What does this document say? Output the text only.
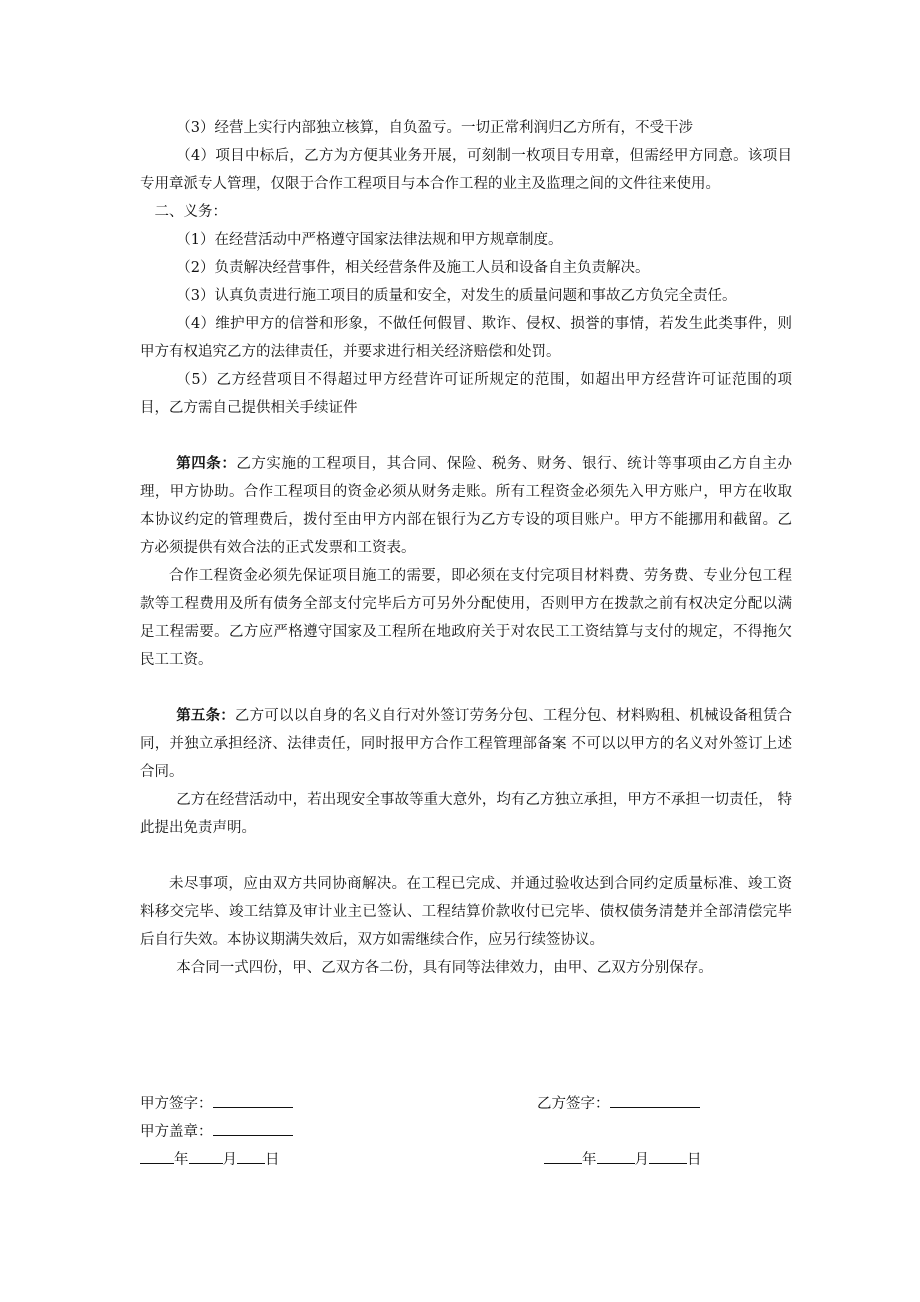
（3）经营上实行内部独立核算，自负盈亏。一切正常利润归乙方所有，不受干涉

（4）项目中标后，乙方为方便其业务开展，可刻制一枚项目专用章，但需经甲方同意。该项目专用章派专人管理，仅限于合作工程项目与本合作工程的业主及监理之间的文件往来使用。

二、义务：

（1）在经营活动中严格遵守国家法律法规和甲方规章制度。

（2）负责解决经营事件，相关经营条件及施工人员和设备自主负责解决。

（3）认真负责进行施工项目的质量和安全，对发生的质量问题和事故乙方负完全责任。

（4）维护甲方的信誉和形象，不做任何假冒、欺诈、侵权、损誉的事情，若发生此类事件，则甲方有权追究乙方的法律责任，并要求进行相关经济赔偿和处罚。

（5）乙方经营项目不得超过甲方经营许可证所规定的范围，如超出甲方经营许可证范围的项目，乙方需自己提供相关手续证件

第四条：乙方实施的工程项目，其合同、保险、税务、财务、银行、统计等事项由乙方自主办理，甲方协助。合作工程项目的资金必须从财务走账。所有工程资金必须先入甲方账户，甲方在收取本协议约定的管理费后，拨付至由甲方内部在银行为乙方专设的项目账户。甲方不能挪用和截留。乙方必须提供有效合法的正式发票和工资表。

合作工程资金必须先保证项目施工的需要，即必须在支付完项目材料费、劳务费、专业分包工程款等工程费用及所有债务全部支付完毕后方可另外分配使用，否则甲方在拨款之前有权决定分配以满足工程需要。乙方应严格遵守国家及工程所在地政府关于对农民工工资结算与支付的规定，不得拖欠民工工资。

第五条：乙方可以以自身的名义自行对外签订劳务分包、工程分包、材料购租、机械设备租赁合同，并独立承担经济、法律责任，同时报甲方合作工程管理部备案 不可以以甲方的名义对外签订上述合同。

乙方在经营活动中，若出现安全事故等重大意外，均有乙方独立承担，甲方不承担一切责任， 特此提出免责声明。

未尽事项，应由双方共同协商解决。在工程已完成、并通过验收达到合同约定质量标准、竣工资料移交完毕、竣工结算及审计业主已签认、工程结算价款收付已完毕、债权债务清楚并全部清偿完毕后自行失效。本协议期满失效后，双方如需继续合作，应另行续签协议。

本合同一式四份，甲、乙双方各二份，具有同等法律效力，由甲、乙双方分别保存。

甲方签字：
甲方盖章：
年 月 日
乙方签字：
年	月	日
